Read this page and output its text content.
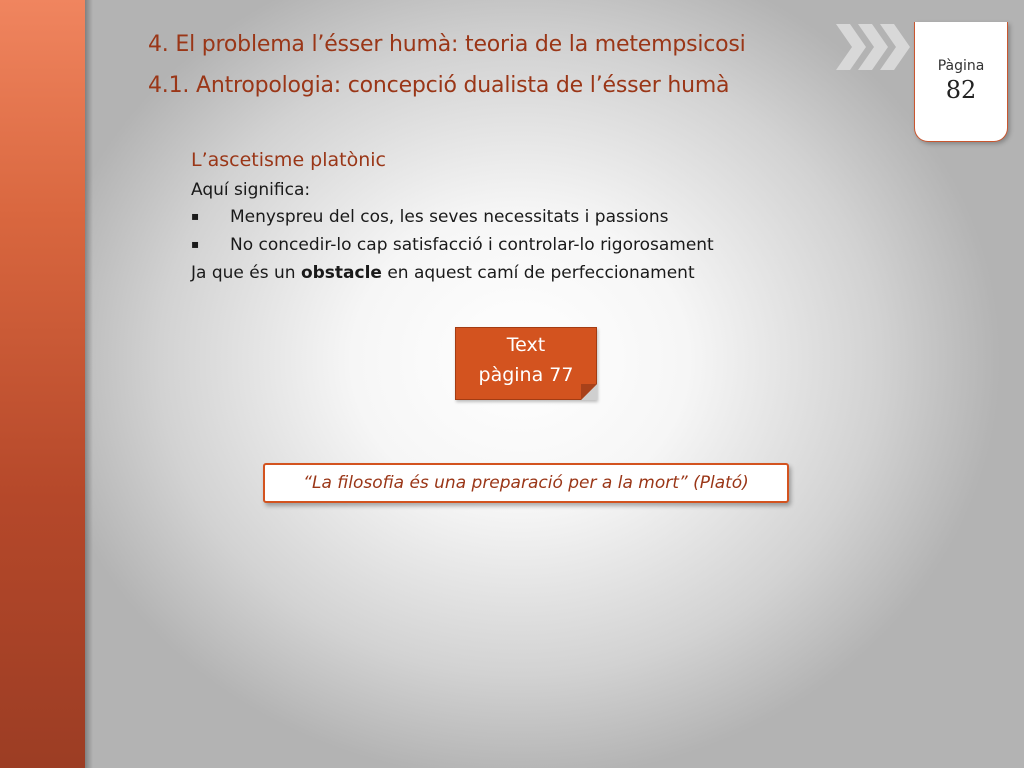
4. El problema l’ésser humà: teoria de la metempsicosi
4.1. Antropologia: concepció dualista de l’ésser humà
Pàgina
82
L’ascetisme platònic
Aquí significa:
▪ Menyspreu del cos, les seves necessitats i passions
▪ No concedir-lo cap satisfacció i controlar-lo rigorosament
Ja que és un obstacle en aquest camí de perfeccionament
Text
pàgina 77
“La filosofia és una preparació per a la mort” (Plató)
